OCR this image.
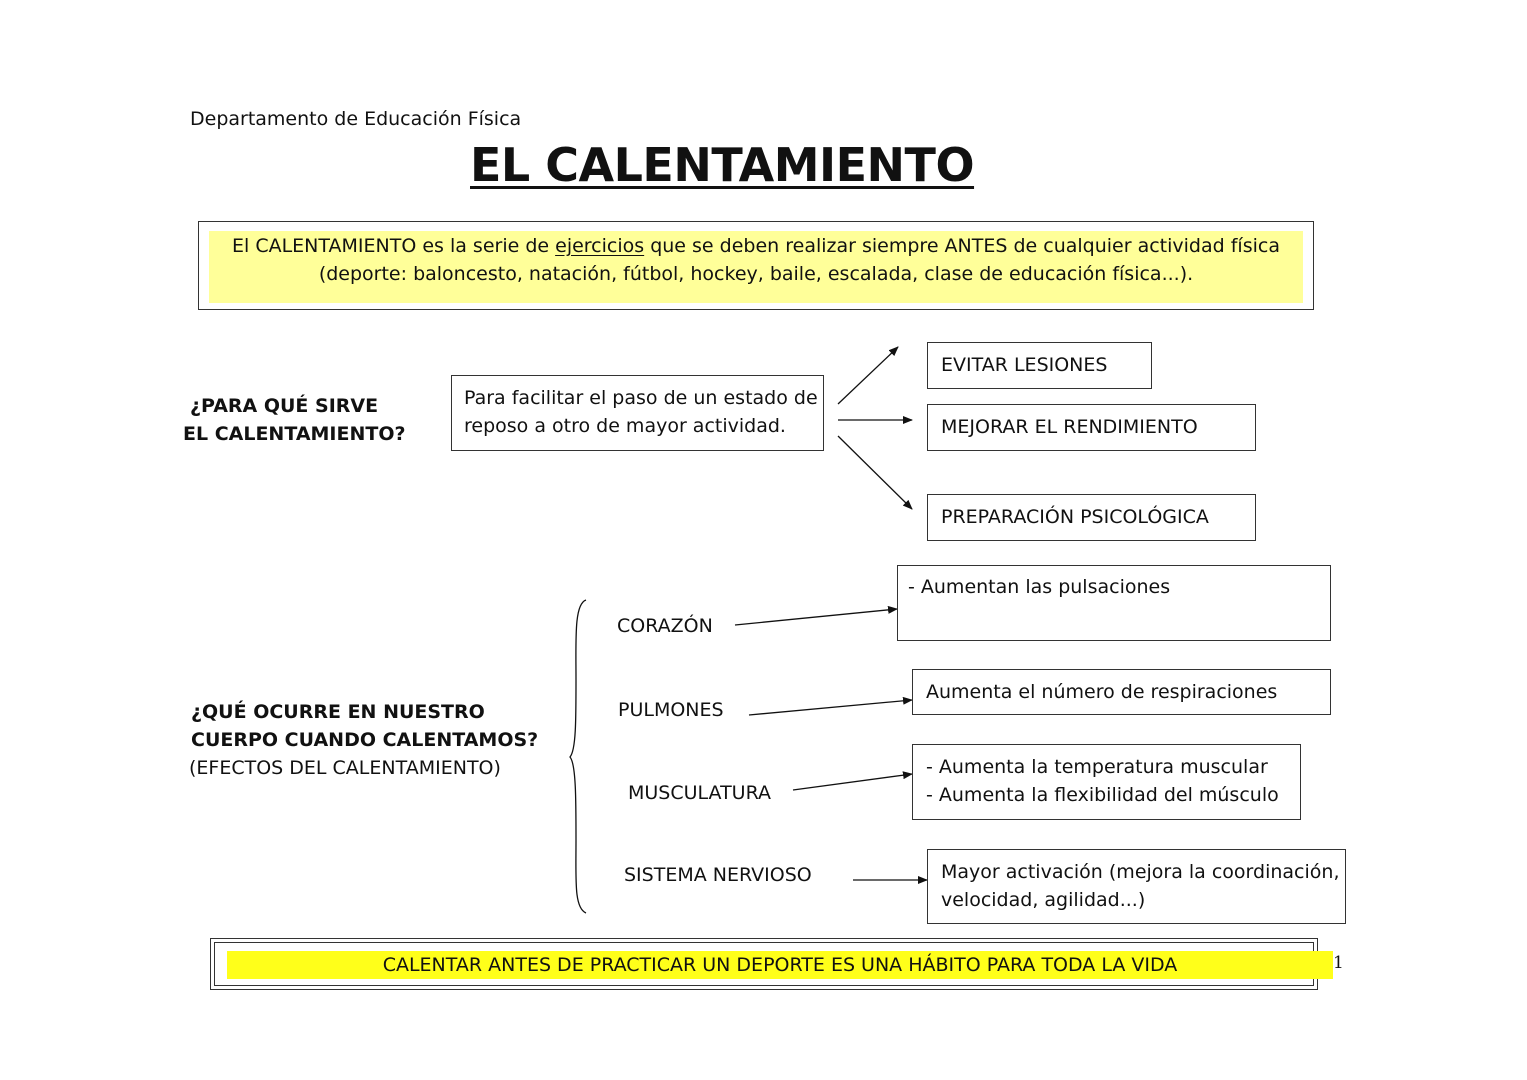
Departamento de Educación Física
EL CALENTAMIENTO
El CALENTAMIENTO es la serie de ejercicios que se deben realizar siempre ANTES de cualquier actividad física
(deporte: baloncesto, natación, fútbol, hockey, baile, escalada, clase de educación física...).
¿PARA QUÉ SIRVE
EL CALENTAMIENTO?
Para facilitar el paso de un estado de
reposo a otro de mayor actividad.
EVITAR LESIONES
MEJORAR EL RENDIMIENTO
PREPARACIÓN PSICOLÓGICA
¿QUÉ OCURRE EN NUESTRO
CUERPO CUANDO CALENTAMOS?
(EFECTOS DEL CALENTAMIENTO)
CORAZÓN
PULMONES
MUSCULATURA
SISTEMA NERVIOSO
- Aumentan las pulsaciones
Aumenta el número de respiraciones
- Aumenta la temperatura muscular
- Aumenta la flexibilidad del músculo
Mayor activación (mejora la coordinación,
velocidad, agilidad...)
CALENTAR ANTES DE PRACTICAR UN DEPORTE ES UNA HÁBITO PARA TODA LA VIDA	1
